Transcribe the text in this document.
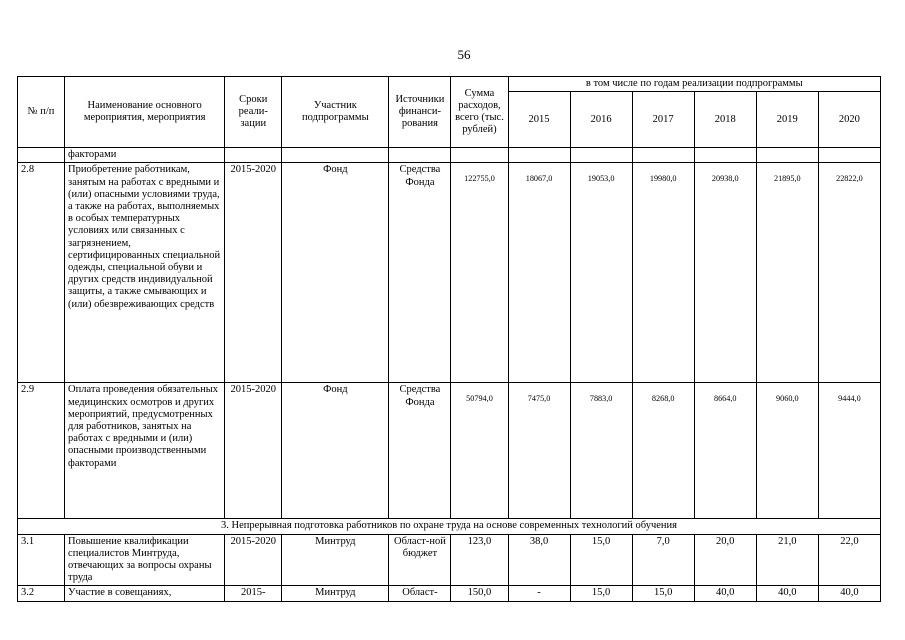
56
№ п/п	Наименование основного мероприятия, мероприятия	Сроки реали-зации	Участник подпрограммы	Источники финанси-рования	Сумма расходов, всего (тыс. рублей)	в том числе по годам реализации подпрограммы					
						2015	2016	2017	2018	2019	2020
	факторами										
2.8	Приобретение работникам, занятым на работах с вредными и (или) опасными условиями труда, а также на работах, выполняемых в особых температурных условиях или связанных с загрязнением, сертифицированных специальной одежды, специальной обуви и других средств индивидуальной защиты, а также смывающих и (или) обезвреживающих средств	2015-2020	Фонд	Средства Фонда	122755,0	18067,0	19053,0	19980,0	20938,0	21895,0	22822,0
2.9	Оплата проведения обязательных медицинских осмотров и других мероприятий, предусмотренных для работников, занятых на работах с вредными и (или) опасными производственными факторами	2015-2020	Фонд	Средства Фонда	50794,0	7475,0	7883,0	8268,0	8664,0	9060,0	9444,0
3. Непрерывная подготовка работников по охране труда на основе современных технологий обучения											
3.1	Повышение квалификации специалистов Минтруда, отвечающих за вопросы охраны труда	2015-2020	Минтруд	Област-ной бюджет	123,0	38,0	15,0	7,0	20,0	21,0	22,0
3.2	Участие в совещаниях,	2015-	Минтруд	Област-	150,0	-	15,0	15,0	40,0	40,0	40,0
